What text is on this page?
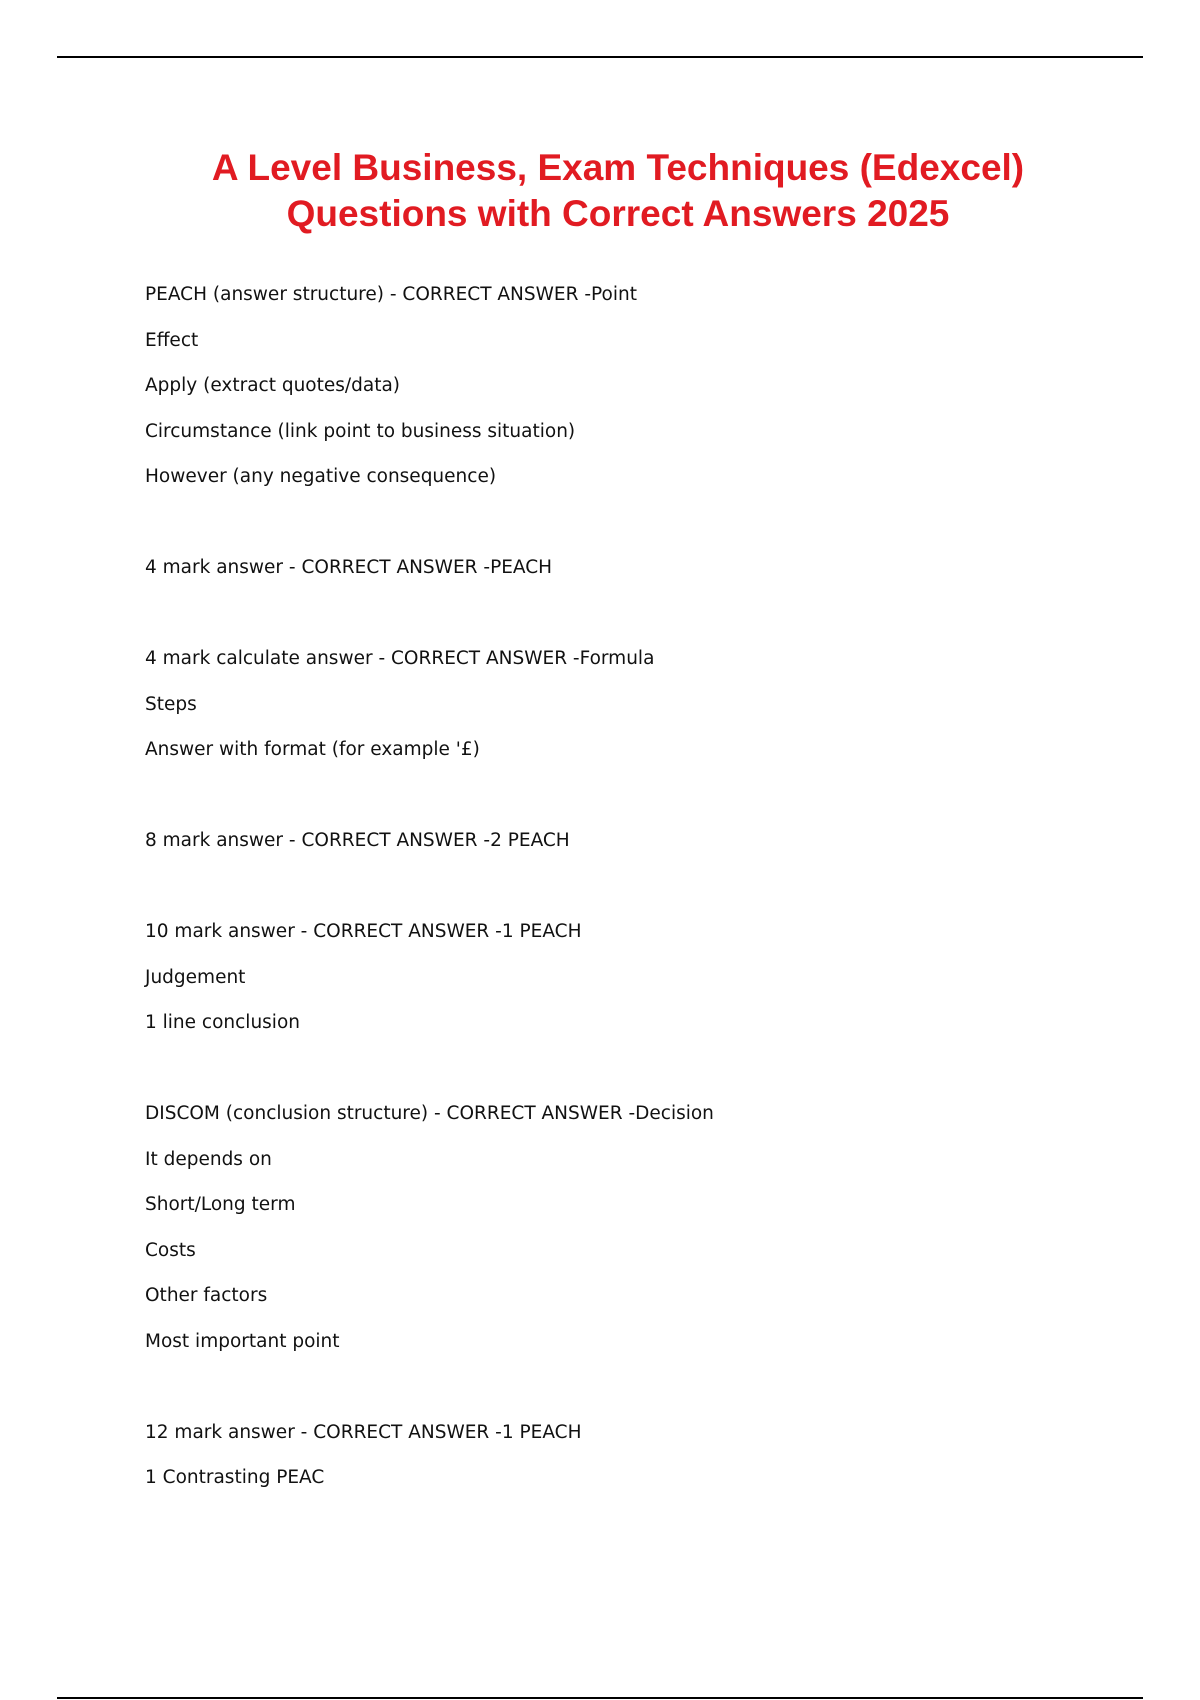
A Level Business, Exam Techniques (Edexcel)
Questions with Correct Answers 2025
PEACH (answer structure) - CORRECT ANSWER -Point
Effect
Apply (extract quotes/data)
Circumstance (link point to business situation)
However (any negative consequence)
4 mark answer - CORRECT ANSWER -PEACH
4 mark calculate answer - CORRECT ANSWER -Formula
Steps
Answer with format (for example '£)
8 mark answer - CORRECT ANSWER -2 PEACH
10 mark answer - CORRECT ANSWER -1 PEACH
Judgement
1 line conclusion
DISCOM (conclusion structure) - CORRECT ANSWER -Decision
It depends on
Short/Long term
Costs
Other factors
Most important point
12 mark answer - CORRECT ANSWER -1 PEACH
1 Contrasting PEAC
